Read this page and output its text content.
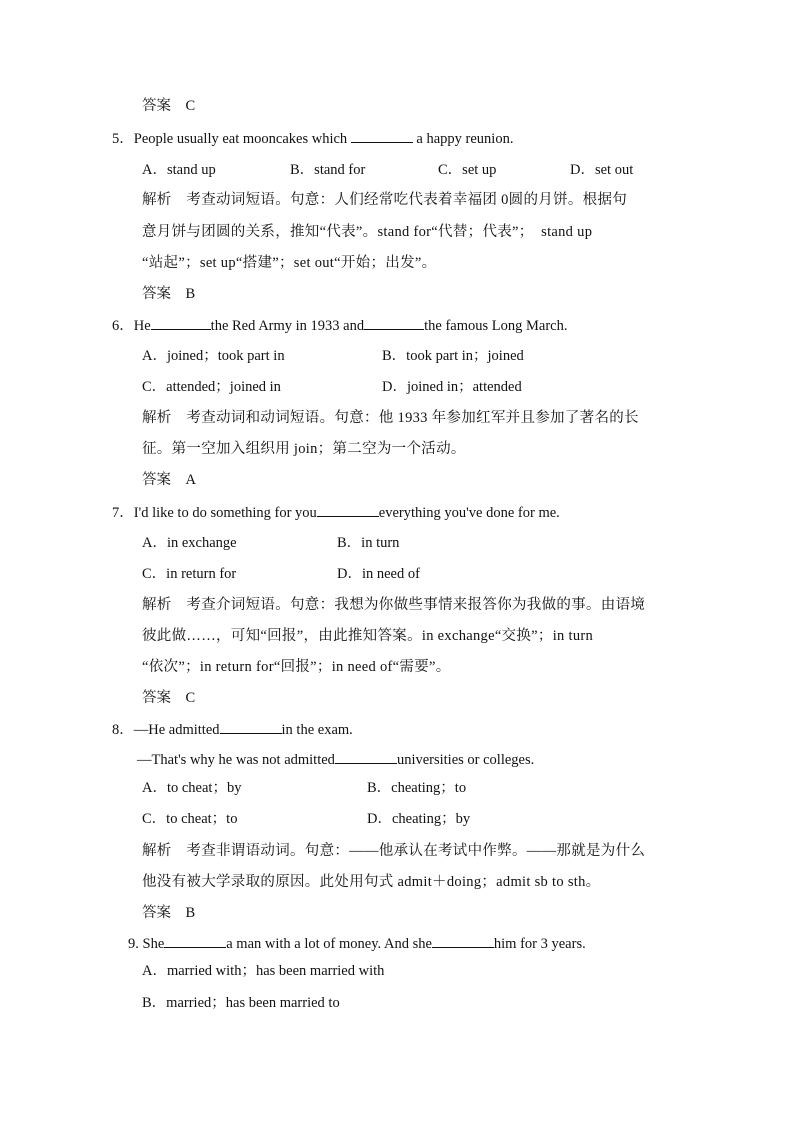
答案　C
5．People usually eat mooncakes which	a happy reunion.
A．stand up	B．stand for	C．set up	D．set out
解析　考查动词短语。句意：人们经常吃代表着幸福团 0圆的月饼。根据句
意月饼与团圆的关系，推知“代表”。stand for“代替；代表”；　stand up
“站起”；set up“搭建”；set out“开始；出发”。
答案　B
6．He	the Red Army in 1933 and	the famous Long March.
A．joined；took part in	B．took part in；joined
C．attended；joined in	D．joined in；attended
解析　考查动词和动词短语。句意：他 1933 年参加红军并且参加了著名的长
征。第一空加入组织用 join；第二空为一个活动。
答案　A
7．I'd like to do something for you	everything you've done for me.
A．in exchange	B．in turn
C．in return for	D．in need of
解析　考查介词短语。句意：我想为你做些事情来报答你为我做的事。由语境
彼此做……，可知“回报”，由此推知答案。in exchange“交换”；in turn
“依次”；in return for“回报”；in need of“需要”。
答案　C
8．—He admitted	in the exam.
—That's why he was not admitted	universities or colleges.
A．to cheat；by	B．cheating；to
C．to cheat；to	D．cheating；by
解析　考查非谓语动词。句意：——他承认在考试中作弊。——那就是为什么
他没有被大学录取的原因。此处用句式 admit＋doing；admit sb to sth。
答案　B
9. She	a man with a lot of money. And she	him for 3 years.
A．married with；has been married with
B．married；has been married to
